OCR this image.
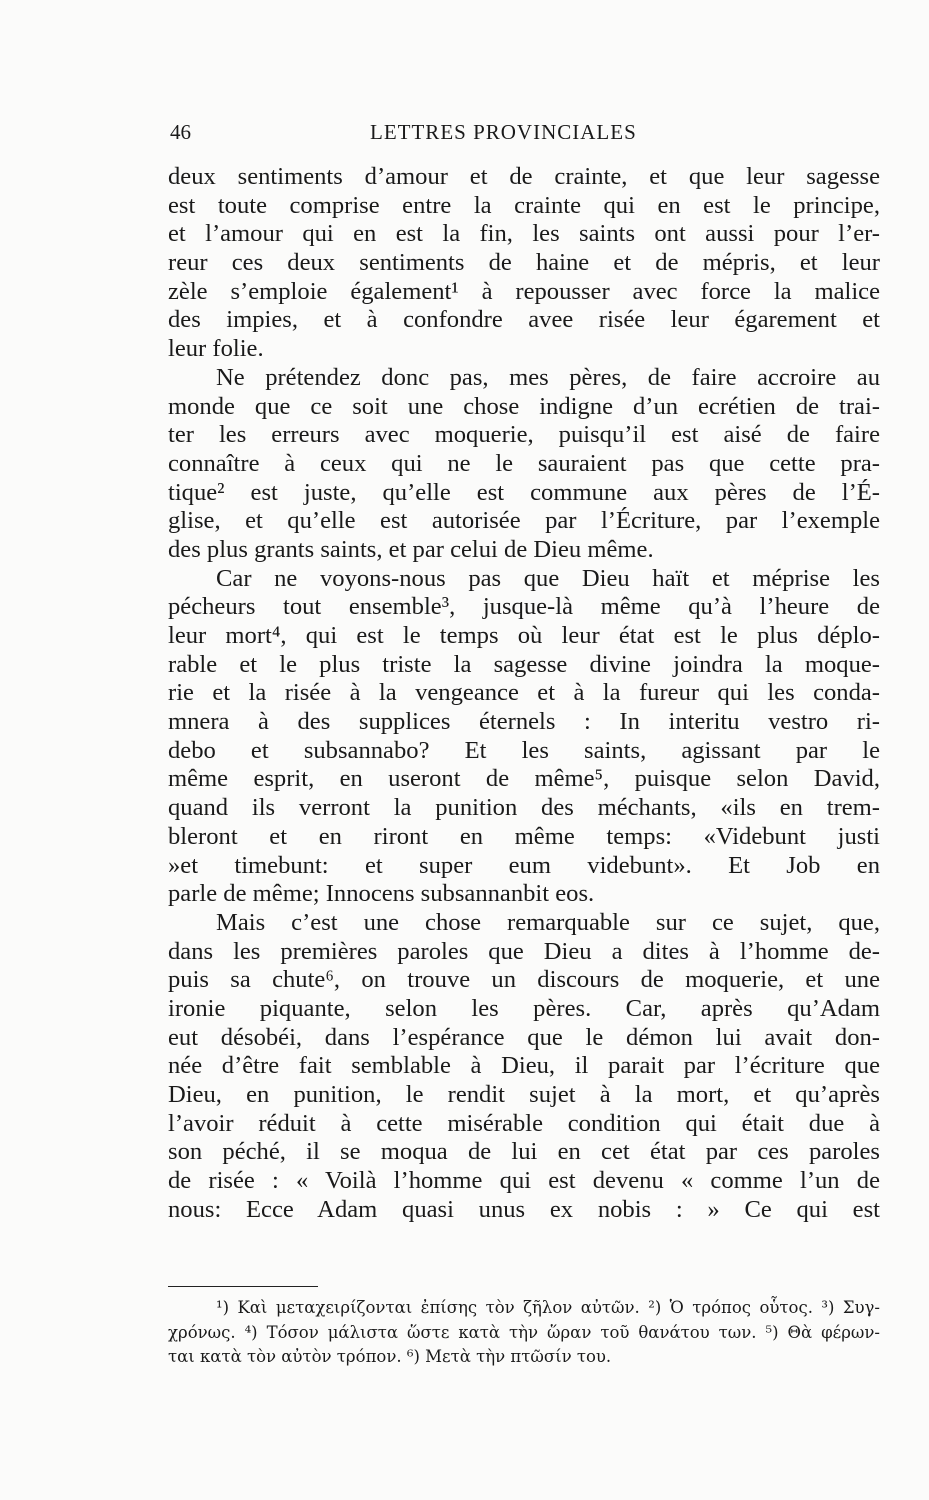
46	LETTRES PROVINCIALES
deux sentiments d’amour et de crainte, et que leur sagesse
est toute comprise entre la crainte qui en est le principe,
et l’amour qui en est la fin, les saints ont aussi pour l’er-
reur ces deux sentiments de haine et de mépris, et leur
zèle s’emploie également¹ à repousser avec force la malice
des impies, et à confondre avee risée leur égarement et
leur folie.
Ne prétendez donc pas, mes pères, de faire accroire au
monde que ce soit une chose indigne d’un ecrétien de trai-
ter les erreurs avec moquerie, puisqu’il est aisé de faire
connaître à ceux qui ne le sauraient pas que cette pra-
tique² est juste, qu’elle est commune aux pères de l’É-
glise, et qu’elle est autorisée par l’Écriture, par l’exemple
des plus grants saints, et par celui de Dieu même.
Car ne voyons-nous pas que Dieu haït et méprise les
pécheurs tout ensemble³, jusque-là même qu’à l’heure de
leur mort⁴, qui est le temps où leur état est le plus déplo-
rable et le plus triste la sagesse divine joindra la moque-
rie et la risée à la vengeance et à la fureur qui les conda-
mnera à des supplices éternels : In interitu vestro ri-
debo et subsannabo? Et les saints, agissant par le
même esprit, en useront de même⁵, puisque selon David,
quand ils verront la punition des méchants, «ils en trem-
bleront et en riront en même temps: «Videbunt justi
»et timebunt: et super eum videbunt». Et Job en
parle de même; Innocens subsannanbit eos.
Mais c’est une chose remarquable sur ce sujet, que,
dans les premières paroles que Dieu a dites à l’homme de-
puis sa chute⁶, on trouve un discours de moquerie, et une
ironie piquante, selon les pères. Car, après qu’Adam
eut désobéi, dans l’espérance que le démon lui avait don-
née d’être fait semblable à Dieu, il parait par l’écriture que
Dieu, en punition, le rendit sujet à la mort, et qu’après
l’avoir réduit à cette misérable condition qui était due à
son péché, il se moqua de lui en cet état par ces paroles
de risée : « Voilà l’homme qui est devenu « comme l’un de
nous: Ecce Adam quasi unus ex nobis : » Ce qui est
¹) Καὶ μεταχειρίζονται ἐπίσης τὸν ζῆλον αὐτῶν. ²) Ὁ τρόπος οὗτος. ³) Συγ-
χρόνως. ⁴) Τόσον μάλιστα ὥστε κατὰ τὴν ὥραν τοῦ θανάτου των. ⁵) Θὰ φέρων-
ται κατὰ τὸν αὐτὸν τρόπον. ⁶) Μετὰ τὴν πτῶσίν του.
